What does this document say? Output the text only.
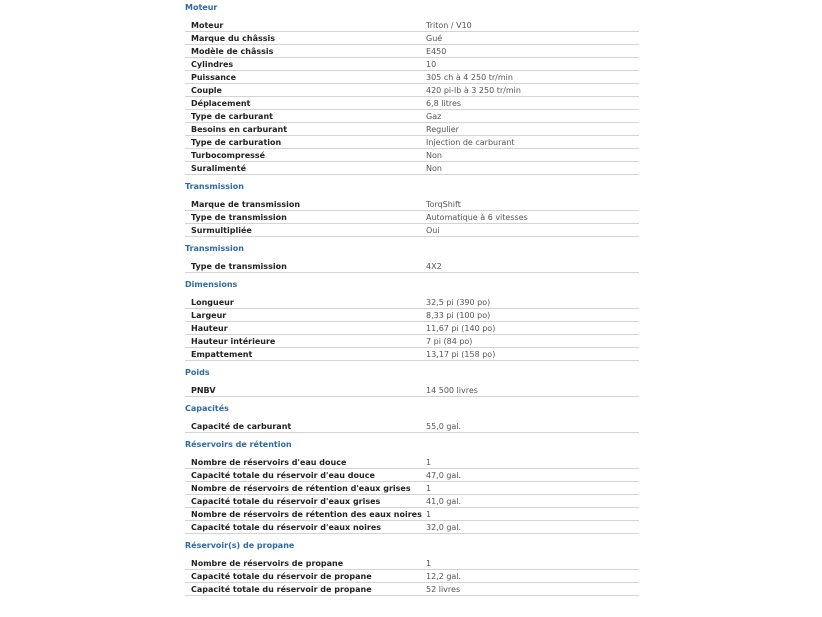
Moteur
Moteur	Triton / V10
Marque du châssis	Gué
Modèle de châssis	E450
Cylindres	10
Puissance	305 ch à 4 250 tr/min
Couple	420 pi-lb à 3 250 tr/min
Déplacement	6,8 litres
Type de carburant	Gaz
Besoins en carburant	Regulier
Type de carburation	Injection de carburant
Turbocompressé	Non
Suralimenté	Non
Transmission
Marque de transmission	TorqShift
Type de transmission	Automatique à 6 vitesses
Surmultipliée	Oui
Transmission
Type de transmission	4X2
Dimensions
Longueur	32,5 pi (390 po)
Largeur	8,33 pi (100 po)
Hauteur	11,67 pi (140 po)
Hauteur intérieure	7 pi (84 po)
Empattement	13,17 pi (158 po)
Poids
PNBV	14 500 livres
Capacités
Capacité de carburant	55,0 gal.
Réservoirs de rétention
Nombre de réservoirs d'eau douce	1
Capacité totale du réservoir d'eau douce	47,0 gal.
Nombre de réservoirs de rétention d'eaux grises	1
Capacité totale du réservoir d'eaux grises	41,0 gal.
Nombre de réservoirs de rétention des eaux noires	1
Capacité totale du réservoir d'eaux noires	32,0 gal.
Réservoir(s) de propane
Nombre de réservoirs de propane	1
Capacité totale du réservoir de propane	12,2 gal.
Capacité totale du réservoir de propane	52 livres
